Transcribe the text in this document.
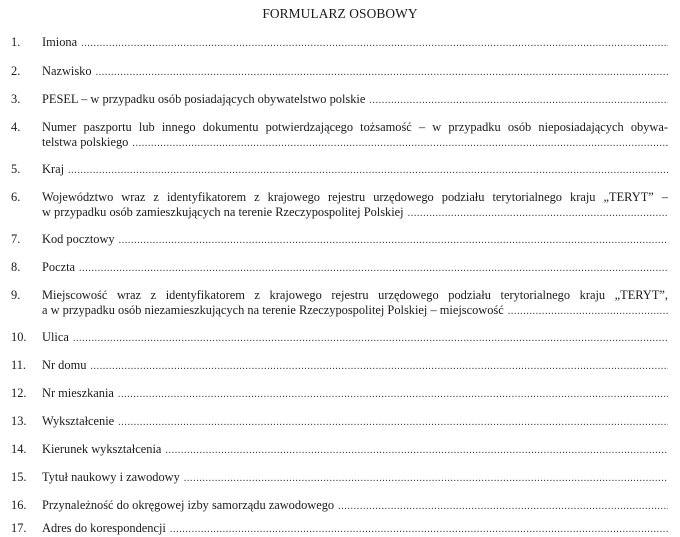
FORMULARZ OSOBOWY
1. Imiona
.....
2. Nazwisko
.....
3. PESEL – w przypadku osób posiadających obywatelstwo polskie
.....
4. Numer paszportu lub innego dokumentu potwierdzającego tożsamość – w przypadku osób nieposiadających obywa-
telstwa polskiego
.....
5. Kraj
.....
6. Województwo wraz z identyfikatorem z krajowego rejestru urzędowego podziału terytorialnego kraju „TERYT” –
w przypadku osób zamieszkujących na terenie Rzeczypospolitej Polskiej
.....
7. Kod pocztowy
.....
8. Poczta
.....
9. Miejscowość wraz z identyfikatorem z krajowego rejestru urzędowego podziału terytorialnego kraju „TERYT”,
a w przypadku osób niezamieszkujących na terenie Rzeczypospolitej Polskiej – miejscowość
.....
10. Ulica
.....
11. Nr domu
.....
12. Nr mieszkania
.....
13. Wykształcenie
.....
14. Kierunek wykształcenia
.....
15. Tytuł naukowy i zawodowy
.....
16. Przynależność do okręgowej izby samorządu zawodowego
.....
17. Adres do korespondencji
.....
